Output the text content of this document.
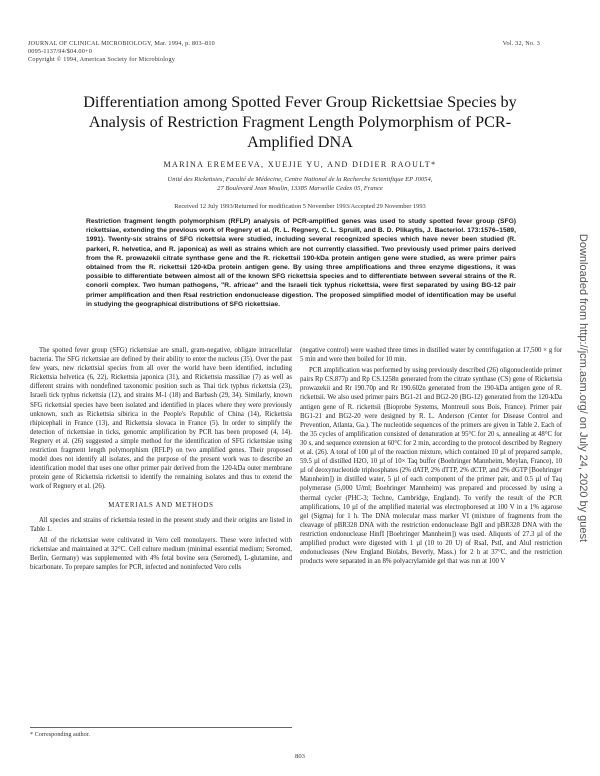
JOURNAL OF CLINICAL MICROBIOLOGY, Mar. 1994, p. 803–810
0095-1137/94/$04.00+0
Copyright © 1994, American Society for Microbiology
Vol. 32, No. 3
Differentiation among Spotted Fever Group Rickettsiae Species by Analysis of Restriction Fragment Length Polymorphism of PCR-Amplified DNA
MARINA EREMEEVA, XUEJIE YU, AND DIDIER RAOULT*
Unité des Rickettsies, Faculté de Médecine, Centre National de la Recherche Scientifique EP J0054,
27 Boulevard Jean Moulin, 13385 Marseille Cedex 05, France
Received 12 July 1993/Returned for modification 5 November 1993/Accepted 29 November 1993
Restriction fragment length polymorphism (RFLP) analysis of PCR-amplified genes was used to study spotted fever group (SFG) rickettsiae, extending the previous work of Regnery et al. (R. L. Regnery, C. L. Spruill, and B. D. Plikaytis, J. Bacteriol. 173:1576–1589, 1991). Twenty-six strains of SFG rickettsia were studied, including several recognized species which have never been studied (R. parkeri, R. helvetica, and R. japonica) as well as strains which are not currently classified. Two previously used primer pairs derived from the R. prowazekii citrate synthase gene and the R. rickettsii 190-kDa protein antigen gene were studied, as were primer pairs obtained from the R. rickettsii 120-kDa protein antigen gene. By using three amplifications and three enzyme digestions, it was possible to differentiate between almost all of the known SFG rickettsia species and to differentiate between several strains of the R. conorii complex. Two human pathogens, "R. africae" and the Israeli tick typhus rickettsia, were first separated by using BG-12 pair primer amplification and then RsaI restriction endonuclease digestion. The proposed simplified model of identification may be useful in studying the geographical distributions of SFG rickettsiae.

The spotted fever group (SFG) rickettsiae are small, gram-negative, obligate intracellular bacteria. The SFG rickettsiae are defined by their ability to enter the nucleus (35). Over the past few years, new rickettsial species from all over the world have been identified, including Rickettsia helvetica (6, 22), Rickettsia japonica (31), and Rickettsia massiliae (7) as well as different strains with nondefined taxonomic position such as Thai tick typhus rickettsia (23), Israeli tick typhus rickettsia (12), and strains M-1 (18) and Barbash (29, 34). Similarly, known SFG rickettsial species have been isolated and identified in places where they were previously unknown, such as Rickettsia sibirica in the People's Republic of China (14), Rickettsia rhipicephali in France (13), and Rickettsia slovaca in France (5). In order to simplify the detection of rickettsiae in ticks, genomic amplification by PCR has been proposed (4, 14). Regnery et al. (26) suggested a simple method for the identification of SFG rickettsiae using restriction fragment length polymorphism (RFLP) on two amplified genes. Their proposed model does not identify all isolates, and the purpose of the present work was to describe an identification model that uses one other primer pair derived from the 120-kDa outer membrane protein gene of Rickettsia rickettsii to identify the remaining isolates and thus to extend the work of Regnery et al. (26).

MATERIALS AND METHODS

All species and strains of rickettsia tested in the present study and their origins are listed in Table 1.

All of the rickettsiae were cultivated in Vero cell monolayers. These were infected with rickettsiae and maintained at 32°C. Cell culture medium (minimal essential medium; Seromed, Berlin, Germany) was supplemented with 4% fetal bovine sera (Seromed), L-glutamine, and bicarbonate. To prepare samples for PCR, infected and noninfected Vero cells

(negative control) were washed three times in distilled water by centrifugation at 17,500 × g for 5 min and were then boiled for 10 min.

PCR amplification was performed by using previously described (26) oligonucleotide primer pairs Rp CS.877p and Rp CS.1258n generated from the citrate synthase (CS) gene of Rickettsia prowazekii and Rr 190.70p and Rr 190.602n generated from the 190-kDa antigen gene of R. rickettsii. We also used primer pairs BG1-21 and BG2-20 (BG-12) generated from the 120-kDa antigen gene of R. rickettsii (Bioprobe Systems, Montreuil sous Bois, France). Primer pair BG1-21 and BG2-20 were designed by R. L. Anderson (Center for Disease Control and Prevention, Atlanta, Ga.). The nucleotide sequences of the primers are given in Table 2. Each of the 35 cycles of amplification consisted of denaturation at 95°C for 20 s, annealing at 48°C for 30 s, and sequence extension at 60°C for 2 min, according to the protocol described by Regnery et al. (26). A total of 100 µl of the reaction mixture, which contained 10 µl of prepared sample, 59.5 µl of distilled H2O, 10 µl of 10× Taq buffer (Boehringer Mannheim, Meylan, France), 10 µl of deoxynucleotide triphosphates (2% dATP, 2% dTTP, 2% dCTP, and 2% dGTP [Boehringer Mannheim]) in distilled water, 5 µl of each component of the primer pair, and 0.5 µl of Taq polymerase (5,000 U/ml; Boehringer Mannheim) was prepared and processed by using a thermal cycler (PHC-3; Techne, Cambridge, England). To verify the result of the PCR amplifications, 10 µl of the amplified material was electrophoresed at 100 V in a 1% agarose gel (Sigma) for 1 h. The DNA molecular mass marker VI (mixture of fragments from the cleavage of pBR328 DNA with the restriction endonuclease BglI and pBR328 DNA with the restriction endonuclease HinfI [Boehringer Mannheim]) was used. Aliquots of 27.3 µl of the amplified product were digested with 1 µl (10 to 20 U) of RsaI, PstI, and AluI restriction endonucleases (New England Biolabs, Beverly, Mass.) for 2 h at 37°C, and the restriction products were separated in an 8% polyacrylamide gel that was run at 100 V

* Corresponding author.
803
Downloaded from http://jcm.asm.org/ on July 24, 2020 by guest
